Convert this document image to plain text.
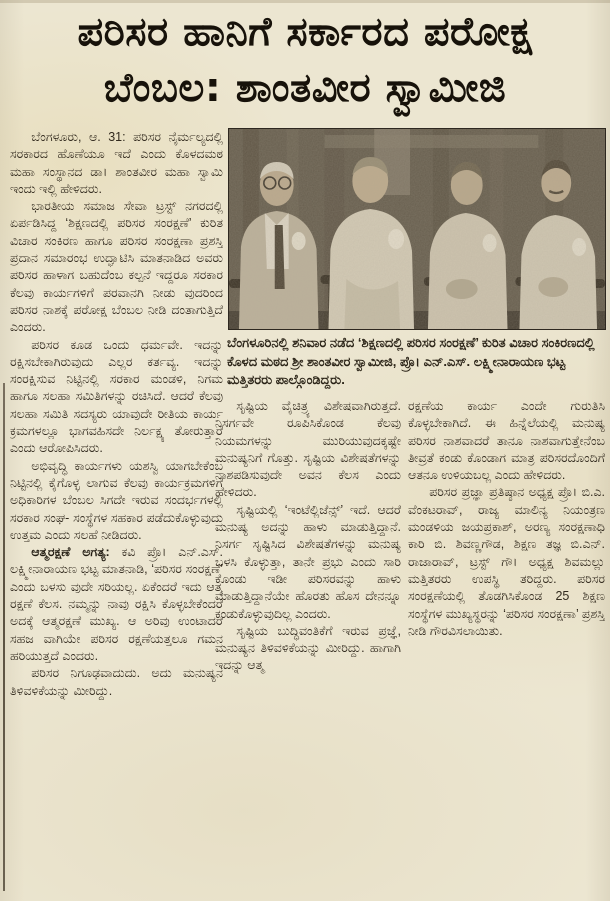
ಪರಿಸರ ಹಾನಿಗೆ ಸರ್ಕಾರದ ಪರೋಕ್ಷ
ಬೆಂಬಲ: ಶಾಂತವೀರ ಸ್ವಾಮೀಜಿ

ಬೆಂಗಳೂರು, ಆ. 31: ಪರಿಸರ ನೈರ್ಮಲ್ಯದಲ್ಲಿ ಸರಕಾರದ ಹೊಣೆಯೂ ಇದೆ ಎಂದು ಕೊಳದಮಠ ಮಹಾ ಸಂಸ್ಥಾನದ ಡಾ। ಶಾಂತವೀರ ಮಹಾ ಸ್ವಾಮಿ ಇಂದು ಇಲ್ಲಿ ಹೇಳಿದರು.

ಭಾರತೀಯ ಸಮಾಜ ಸೇವಾ ಟ್ರಸ್ಟ್ ನಗರದಲ್ಲಿ ಏರ್ಪಡಿಸಿದ್ದ ‘ಶಿಕ್ಷಣದಲ್ಲಿ ಪರಿಸರ ಸಂರಕ್ಷಣೆ’ ಕುರಿತ ವಿಚಾರ ಸಂಕಿರಣ ಹಾಗೂ ಪರಿಸರ ಸಂರಕ್ಷಣಾ ಪ್ರಶಸ್ತಿ ಪ್ರದಾನ ಸಮಾರಂಭ ಉದ್ಘಾಟಿಸಿ ಮಾತನಾಡಿದ ಅವರು ಪರಿಸರ ಹಾಳಾಗ ಬಹುದೆಂಬ ಕಲ್ಪನೆ ಇದ್ದರೂ ಸರಕಾರ ಕೆಲವು ಕಾರ್ಯಗಳಿಗೆ ಪರವಾನಗಿ ನೀಡು ವುದರಿಂದ ಪರಿಸರ ನಾಶಕ್ಕೆ ಪರೋಕ್ಷ ಬೆಂಬಲ ನೀಡಿ ದಂತಾಗುತ್ತಿದೆ ಎಂದರು.

ಪರಿಸರ ಕೂಡ ಒಂದು ಧರ್ಮವೇ. ಇದನ್ನು ರಕ್ಷಿಸಬೇಕಾಗಿರುವುದು ಎಲ್ಲರ ಕರ್ತವ್ಯ. ಇದನ್ನು ಸಂರಕ್ಷಿಸುವ ನಿಟ್ಟಿನಲ್ಲಿ ಸರಕಾರ ಮಂಡಳಿ, ನಿಗಮ ಹಾಗೂ ಸಲಹಾ ಸಮಿತಿಗಳನ್ನು ರಚಿಸಿದೆ. ಆದರೆ ಕೆಲವು ಸಲಹಾ ಸಮಿತಿ ಸದಸ್ಯರು ಯಾವುದೇ ರೀತಿಯ ಕಾರ್ಯ ಕ್ರಮಗಳಲ್ಲೂ ಭಾಗವಹಿಸದೇ ನಿರ್ಲಕ್ಷ್ಯ ತೋರುತ್ತಾರೆ ಎಂದು ಆರೋಪಿಸಿದರು.

ಅಭಿವೃದ್ಧಿ ಕಾರ್ಯಗಳು ಯಶಸ್ವಿ ಯಾಗಬೇಕೆಂಬ ನಿಟ್ಟಿನಲ್ಲಿ ಕೈಗೊಳ್ಳ ಲಾಗುವ ಕೆಲವು ಕಾರ್ಯಕ್ರಮಗಳಿಗೆ ಅಧಿಕಾರಿಗಳ ಬೆಂಬಲ ಸಿಗದೇ ಇರುವ ಸಂದರ್ಭಗಳಲ್ಲಿ ಸರಕಾರ ಸಂಘ- ಸಂಸ್ಥೆಗಳ ಸಹಕಾರ ಪಡೆದುಕೊಳ್ಳುವುದು ಉತ್ತಮ ಎಂದು ಸಲಹೆ ನೀಡಿದರು.

ಆತ್ಮರಕ್ಷಣೆ ಅಗತ್ಯ: ಕವಿ ಪ್ರೊ। ಎನ್.ಎಸ್. ಲಕ್ಷ್ಮೀನಾರಾಯಣ ಭಟ್ಟ ಮಾತನಾಡಿ, ‘ಪರಿಸರ ಸಂರಕ್ಷಣೆ’ ಎಂದು ಬಳಸು ವುದೇ ಸರಿಯಲ್ಲ. ಏಕೆಂದರೆ ಇದು ಆತ್ಮ ರಕ್ಷಣೆ ಕೆಲಸ. ನಮ್ಮನ್ನು ನಾವು ರಕ್ಷಿಸಿ ಕೊಳ್ಳಬೇಕೆಂದರೆ ಅದಕ್ಕೆ ಆತ್ಮರಕ್ಷಣೆ ಮುಖ್ಯ. ಆ ಅರಿವು ಉಂಟಾದರೆ ಸಹಜ ವಾಗಿಯೇ ಪರಿಸರ ರಕ್ಷಣೆಯತ್ತಲೂ ಗಮನ ಹರಿಯುತ್ತದೆ ಎಂದರು.

ಪರಿಸರ ನಿಗೂಢವಾದುದು. ಅದು ಮನುಷ್ಯನ ತಿಳಿವಳಿಕೆಯನ್ನು ಮೀರಿದ್ದು.

ಬೆಂಗಳೂರಿನಲ್ಲಿ ಶನಿವಾರ ನಡೆದ ‘ಶಿಕ್ಷಣದಲ್ಲಿ ಪರಿಸರ ಸಂರಕ್ಷಣೆ’ ಕುರಿತ ವಿಚಾರ ಸಂಕಿರಣದಲ್ಲಿ ಕೊಳದ ಮಠದ ಶ್ರೀ ಶಾಂತವೀರ ಸ್ವಾಮೀಜಿ, ಪ್ರೊ। ಎನ್.ಎಸ್. ಲಕ್ಷ್ಮೀನಾರಾಯಣ ಭಟ್ಟ ಮತ್ತಿತರರು ಪಾಲ್ಗೊಂಡಿದ್ದರು.

ಸೃಷ್ಟಿಯ ವೈಚಿತ್ರ್ಯ ವಿಶೇಷವಾಗಿರುತ್ತದೆ. ನಿಸರ್ಗವೇ ರೂಪಿಸಿಕೊಂಡ ಕೆಲವು ನಿಯಮಗಳನ್ನು ಮುರಿಯುವುದಕ್ಕಷ್ಟೇ ಮನುಷ್ಯನಿಗೆ ಗೊತ್ತು. ಸೃಷ್ಟಿಯ ವಿಶೇಷತೆಗಳನ್ನು ನಾಶಪಡಿಸುವುದೇ ಅವನ ಕೆಲಸ ಎಂದು ಹೇಳಿದರು.

ಸೃಷ್ಟಿಯಲ್ಲಿ ‘ಇಂಟೆಲ್ಲಿಜೆನ್ಸ್’ ಇದೆ. ಆದರೆ ಮನುಷ್ಯ ಅದನ್ನು ಹಾಳು ಮಾಡುತ್ತಿದ್ದಾನೆ. ನಿಸರ್ಗ ಸೃಷ್ಟಿಸಿದ ವಿಶೇಷತೆಗಳನ್ನು ಮನುಷ್ಯ ಬಳಸಿ ಕೊಳ್ಳುತ್ತಾ, ತಾನೇ ಪ್ರಭು ಎಂದು ಸಾರಿ ಕೊಂಡು ಇಡೀ ಪರಿಸರವನ್ನು ಹಾಳು ಮಾಡುತ್ತಿದ್ದಾನೆಯೇ ಹೊರತು ಹೊಸ ದೇನನ್ನೂ ಕಂಡುಕೊಳ್ಳುವುದಿಲ್ಲ ಎಂದರು.

ಸೃಷ್ಟಿಯ ಬುದ್ಧಿವಂತಿಕೆಗೆ ಇರುವ ಪ್ರಜ್ಞೆ, ಮನುಷ್ಯನ ತಿಳಿವಳಿಕೆಯನ್ನು ಮೀರಿದ್ದು. ಹಾಗಾಗಿ ಇದನ್ನು ಆತ್ಮ

ರಕ್ಷಣೆಯ ಕಾರ್ಯ ಎಂದೇ ಗುರುತಿಸಿ ಕೊಳ್ಳಬೇಕಾಗಿದೆ. ಈ ಹಿನ್ನೆಲೆಯಲ್ಲಿ ಮನುಷ್ಯ ಪರಿಸರ ನಾಶವಾದರೆ ತಾನೂ ನಾಶವಾಗುತ್ತೇನೆಂಬ ತೀವ್ರತೆ ಕಂಡು ಕೊಂಡಾಗ ಮಾತ್ರ ಪರಿಸರದೊಂದಿಗೆ ಆತನೂ ಉಳಿಯಬಲ್ಲ ಎಂದು ಹೇಳಿದರು.

ಪರಿಸರ ಪ್ರಜ್ಞಾ ಪ್ರತಿಷ್ಠಾನ ಅಧ್ಯಕ್ಷ ಪ್ರೊ। ಬಿ.ಎ. ವೆಂಕಟರಾವ್, ರಾಜ್ಯ ಮಾಲಿನ್ಯ ನಿಯಂತ್ರಣ ಮಂಡಳಿಯ ಜಯಪ್ರಕಾಶ್, ಅರಣ್ಯ ಸಂರಕ್ಷಣಾಧಿ ಕಾರಿ ಬಿ. ಶಿವಣ್ಣಗೌಡ, ಶಿಕ್ಷಣ ತಜ್ಞ ಬಿ.ಎನ್. ರಾಜಾರಾವ್, ಟ್ರಸ್ಟ್ ಗೌ। ಅಧ್ಯಕ್ಷ ಶಿವಮಲ್ಲು ಮತ್ತಿತರರು ಉಪಸ್ಥಿ ತರಿದ್ದರು. ಪರಿಸರ ಸಂರಕ್ಷಣೆಯಲ್ಲಿ ತೊಡಗಿಸಿಕೊಂಡ 25 ಶಿಕ್ಷಣ ಸಂಸ್ಥೆಗಳ ಮುಖ್ಯಸ್ಥರನ್ನು ‘ಪರಿಸರ ಸಂರಕ್ಷಣಾ’ ಪ್ರಶಸ್ತಿ ನೀಡಿ ಗೌರವಿಸಲಾಯಿತು.
